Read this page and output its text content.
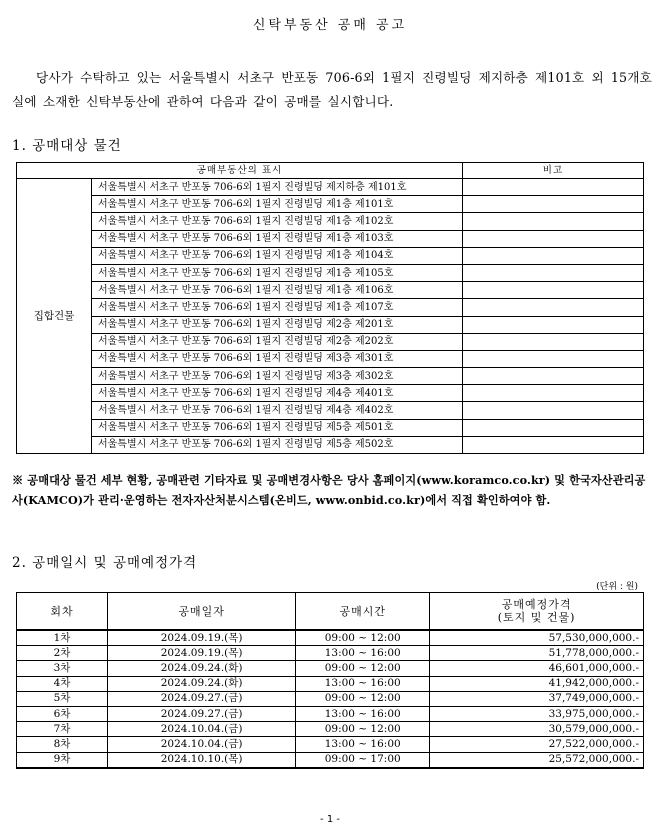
신탁부동산 공매 공고
당사가 수탁하고 있는 서울특별시 서초구 반포동 706-6외 1필지 진령빌딩 제지하층 제101호 외 15개호실에 소재한 신탁부동산에 관하여 다음과 같이 공매를 실시합니다.
1. 공매대상 물건
공매부동산의 표시		비고
집합건물	서울특별시 서초구 반포동 706-6외 1필지 진령빌딩 제지하층 제101호	
	서울특별시 서초구 반포동 706-6외 1필지 진령빌딩 제1층 제101호	
	서울특별시 서초구 반포동 706-6외 1필지 진령빌딩 제1층 제102호	
	서울특별시 서초구 반포동 706-6외 1필지 진령빌딩 제1층 제103호	
	서울특별시 서초구 반포동 706-6외 1필지 진령빌딩 제1층 제104호	
	서울특별시 서초구 반포동 706-6외 1필지 진령빌딩 제1층 제105호	
	서울특별시 서초구 반포동 706-6외 1필지 진령빌딩 제1층 제106호	
	서울특별시 서초구 반포동 706-6외 1필지 진령빌딩 제1층 제107호	
	서울특별시 서초구 반포동 706-6외 1필지 진령빌딩 제2층 제201호	
	서울특별시 서초구 반포동 706-6외 1필지 진령빌딩 제2층 제202호	
	서울특별시 서초구 반포동 706-6외 1필지 진령빌딩 제3층 제301호	
	서울특별시 서초구 반포동 706-6외 1필지 진령빌딩 제3층 제302호	
	서울특별시 서초구 반포동 706-6외 1필지 진령빌딩 제4층 제401호	
	서울특별시 서초구 반포동 706-6외 1필지 진령빌딩 제4층 제402호	
	서울특별시 서초구 반포동 706-6외 1필지 진령빌딩 제5층 제501호	
	서울특별시 서초구 반포동 706-6외 1필지 진령빌딩 제5층 제502호	
※ 공매대상 물건 세부 현황, 공매관련 기타자료 및 공매변경사항은 당사 홈페이지(www.koramco.co.kr) 및 한국자산관리공사(KAMCO)가 관리·운영하는 전자자산처분시스템(온비드, www.onbid.co.kr)에서 직접 확인하여야 함.
2. 공매일시 및 공매예정가격
(단위 : 원)
회차	공매일자	공매시간	공매예정가격
(토지 및 건물)
1차	2024.09.19.(목)	09:00 ~ 12:00	57,530,000,000.-
2차	2024.09.19.(목)	13:00 ~ 16:00	51,778,000,000.-
3차	2024.09.24.(화)	09:00 ~ 12:00	46,601,000,000.-
4차	2024.09.24.(화)	13:00 ~ 16:00	41,942,000,000.-
5차	2024.09.27.(금)	09:00 ~ 12:00	37,749,000,000.-
6차	2024.09.27.(금)	13:00 ~ 16:00	33,975,000,000.-
7차	2024.10.04.(금)	09:00 ~ 12:00	30,579,000,000.-
8차	2024.10.04.(금)	13:00 ~ 16:00	27,522,000,000.-
9차	2024.10.10.(목)	09:00 ~ 17:00	25,572,000,000.-
- 1 -
